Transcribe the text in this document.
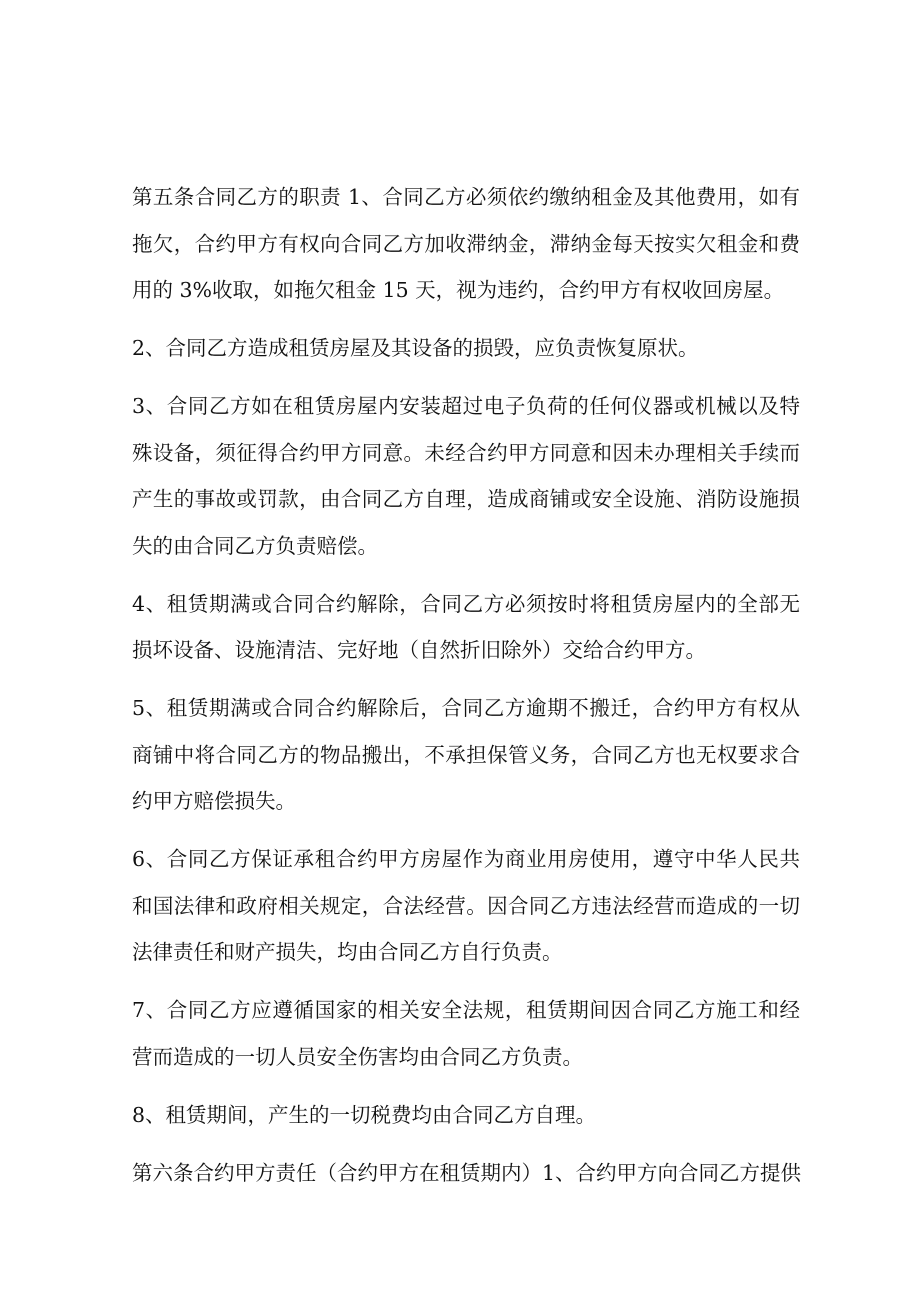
第五条合同乙方的职责 1、合同乙方必须依约缴纳租金及其他费用，如有拖欠，合约甲方有权向合同乙方加收滞纳金，滞纳金每天按实欠租金和费用的 3%收取，如拖欠租金 15 天，视为违约，合约甲方有权收回房屋。

2、合同乙方造成租赁房屋及其设备的损毁，应负责恢复原状。

3、合同乙方如在租赁房屋内安装超过电子负荷的任何仪器或机械以及特殊设备，须征得合约甲方同意。未经合约甲方同意和因未办理相关手续而产生的事故或罚款，由合同乙方自理，造成商铺或安全设施、消防设施损失的由合同乙方负责赔偿。

4、租赁期满或合同合约解除，合同乙方必须按时将租赁房屋内的全部无损坏设备、设施清洁、完好地（自然折旧除外）交给合约甲方。

5、租赁期满或合同合约解除后，合同乙方逾期不搬迁，合约甲方有权从商铺中将合同乙方的物品搬出，不承担保管义务，合同乙方也无权要求合约甲方赔偿损失。

6、合同乙方保证承租合约甲方房屋作为商业用房使用，遵守中华人民共和国法律和政府相关规定，合法经营。因合同乙方违法经营而造成的一切法律责任和财产损失，均由合同乙方自行负责。

7、合同乙方应遵循国家的相关安全法规，租赁期间因合同乙方施工和经营而造成的一切人员安全伤害均由合同乙方负责。

8、租赁期间，产生的一切税费均由合同乙方自理。

第六条合约甲方责任（合约甲方在租赁期内）1、合约甲方向合同乙方提供
